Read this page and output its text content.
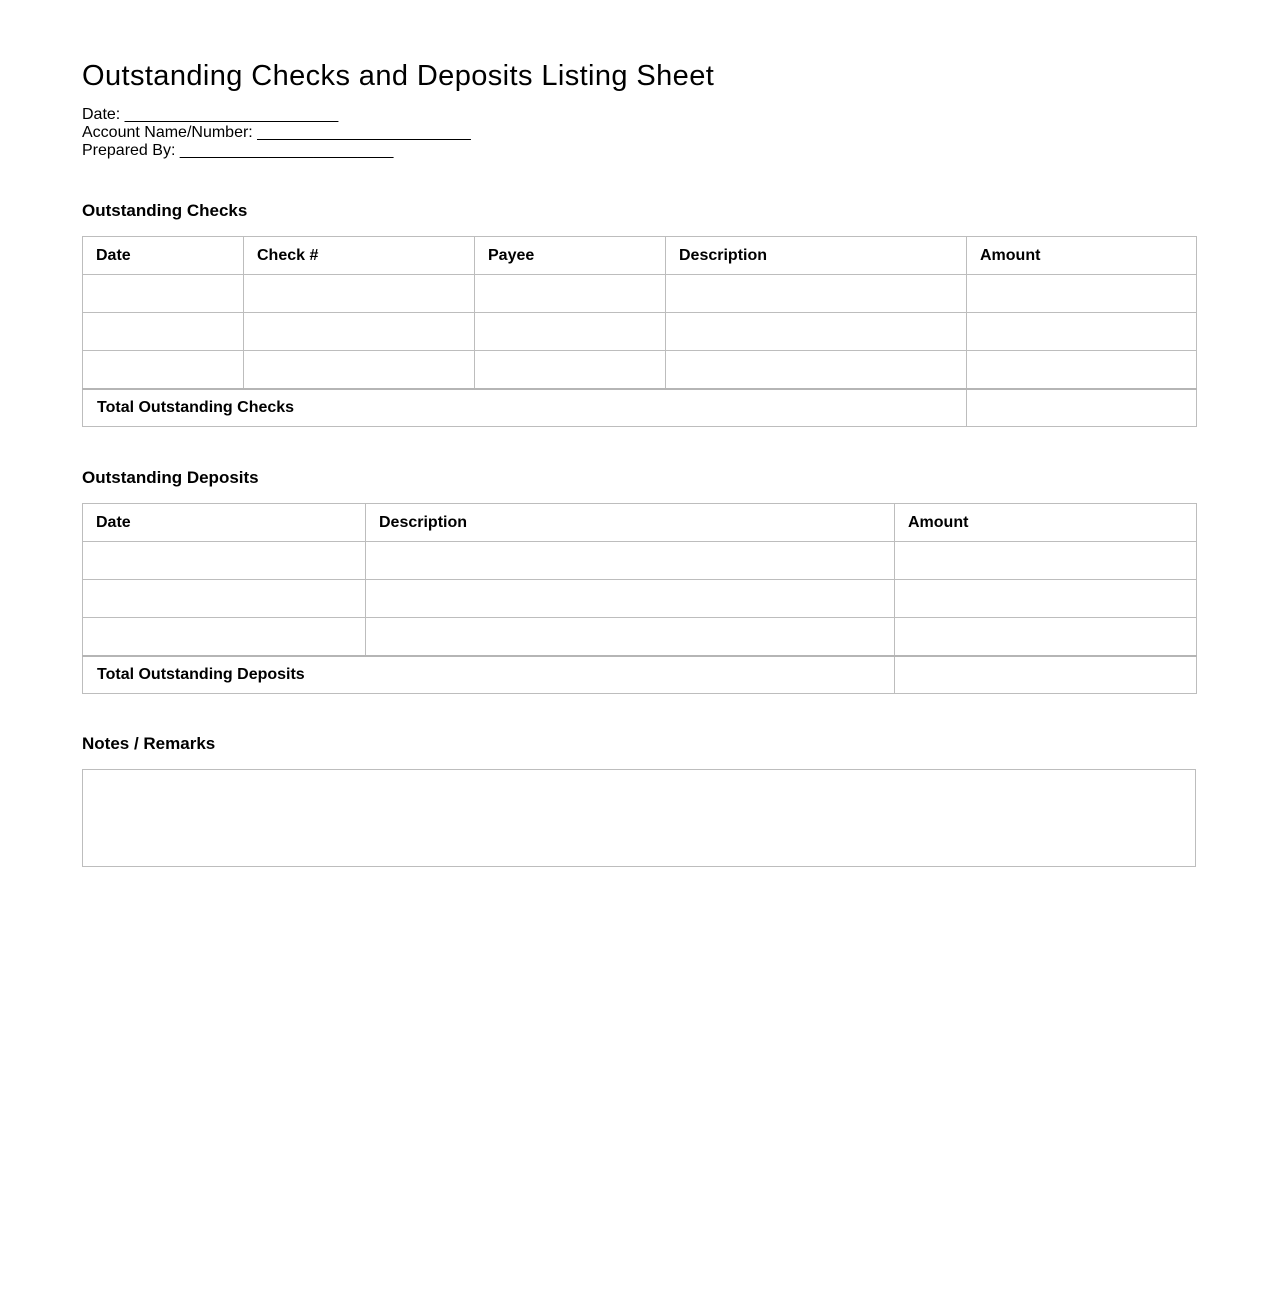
Outstanding Checks and Deposits Listing Sheet
Date: ________________________
Account Name/Number: ________________________
Prepared By: ________________________
Outstanding Checks
Date	Check #	Payee	Description	Amount

Total Outstanding Checks				
Outstanding Deposits
Date	Description	Amount

Total Outstanding Deposits		
Notes / Remarks
